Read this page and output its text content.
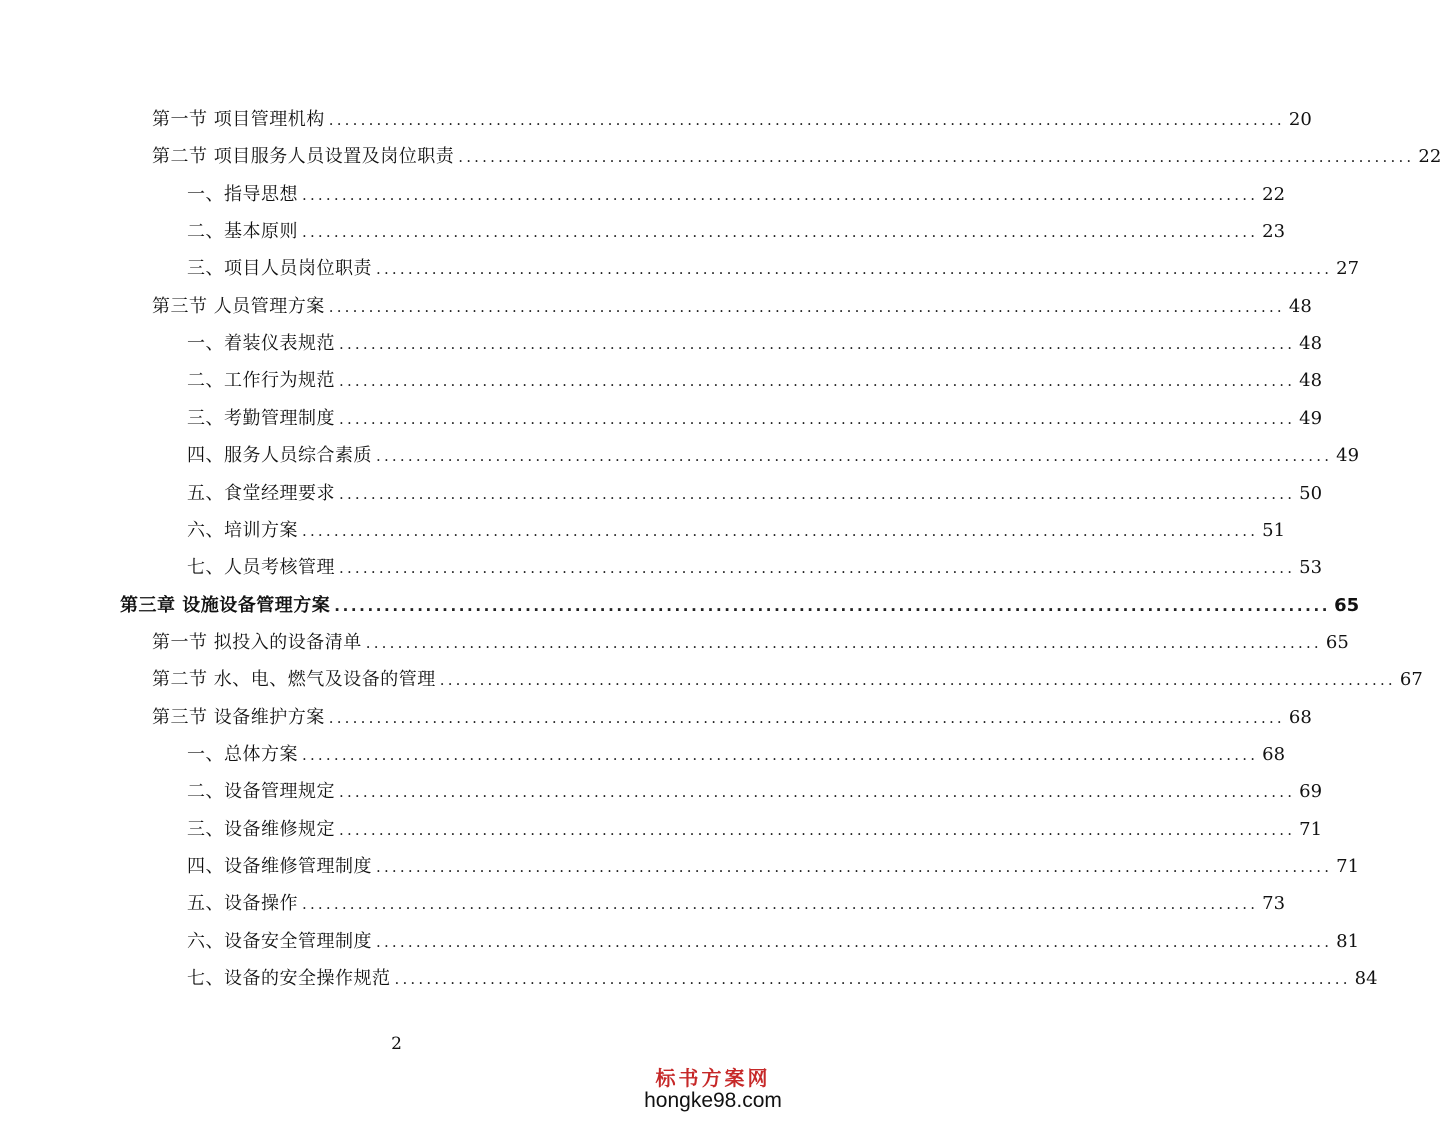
第一节 项目管理机构 ........................................................................................................................ 20
第二节 项目服务人员设置及岗位职责 ........................................................................................................................ 22
一、指导思想 ........................................................................................................................ 22
二、基本原则 ........................................................................................................................ 23
三、项目人员岗位职责 ........................................................................................................................ 27
第三节 人员管理方案 ........................................................................................................................ 48
一、着装仪表规范 ........................................................................................................................ 48
二、工作行为规范 ........................................................................................................................ 48
三、考勤管理制度 ........................................................................................................................ 49
四、服务人员综合素质 ........................................................................................................................ 49
五、食堂经理要求 ........................................................................................................................ 50
六、培训方案 ........................................................................................................................ 51
七、人员考核管理 ........................................................................................................................ 53
第三章 设施设备管理方案 ........................................................................................................................ 65
第一节 拟投入的设备清单 ........................................................................................................................ 65
第二节 水、电、燃气及设备的管理 ........................................................................................................................ 67
第三节 设备维护方案 ........................................................................................................................ 68
一、总体方案 ........................................................................................................................ 68
二、设备管理规定 ........................................................................................................................ 69
三、设备维修规定 ........................................................................................................................ 71
四、设备维修管理制度 ........................................................................................................................ 71
五、设备操作 ........................................................................................................................ 73
六、设备安全管理制度 ........................................................................................................................ 81
七、设备的安全操作规范 ........................................................................................................................ 84
2
标书方案网
hongke98.com
